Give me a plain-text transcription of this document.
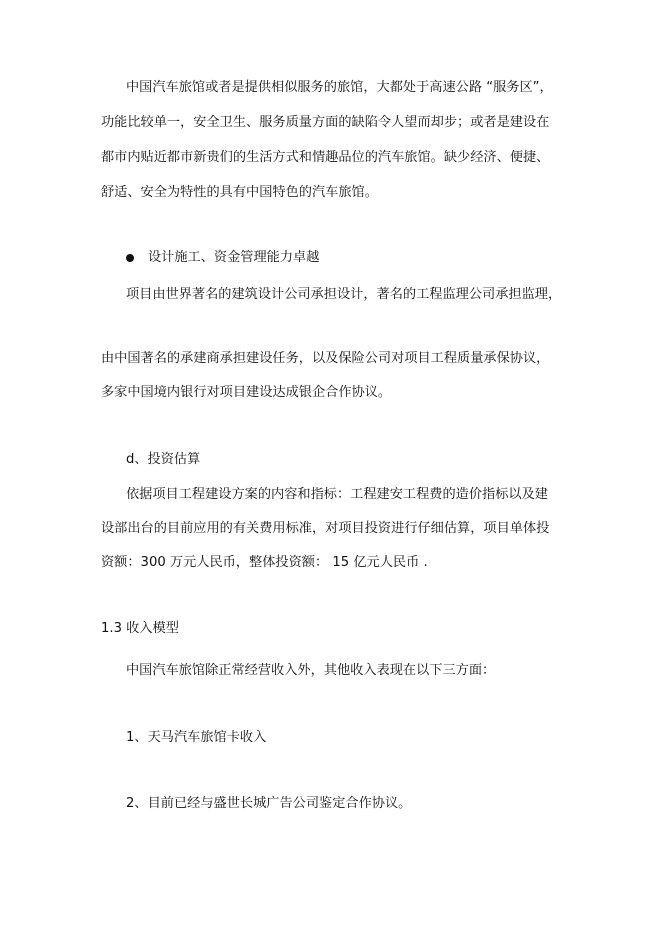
中国汽车旅馆或者是提供相似服务的旅馆，大都处于高速公路 “服务区”，
功能比较单一，安全卫生、服务质量方面的缺陷令人望而却步；或者是建设在
都市内贴近都市新贵们的生活方式和情趣品位的汽车旅馆。缺少经济、便捷、
舒适、安全为特性的具有中国特色的汽车旅馆。
设计施工、资金管理能力卓越
项目由世界著名的建筑设计公司承担设计，著名的工程监理公司承担监理，
由中国著名的承建商承担建设任务，以及保险公司对项目工程质量承保协议，
多家中国境内银行对项目建设达成银企合作协议。
d、投资估算
依据项目工程建设方案的内容和指标：工程建安工程费的造价指标以及建
设部出台的目前应用的有关费用标准，对项目投资进行仔细估算，项目单体投
资额：300 万元人民币，整体投资额： 15 亿元人民币 .
1.3 收入模型
中国汽车旅馆除正常经营收入外，其他收入表现在以下三方面：
1、天马汽车旅馆卡收入
2、目前已经与盛世长城广告公司鉴定合作协议。
